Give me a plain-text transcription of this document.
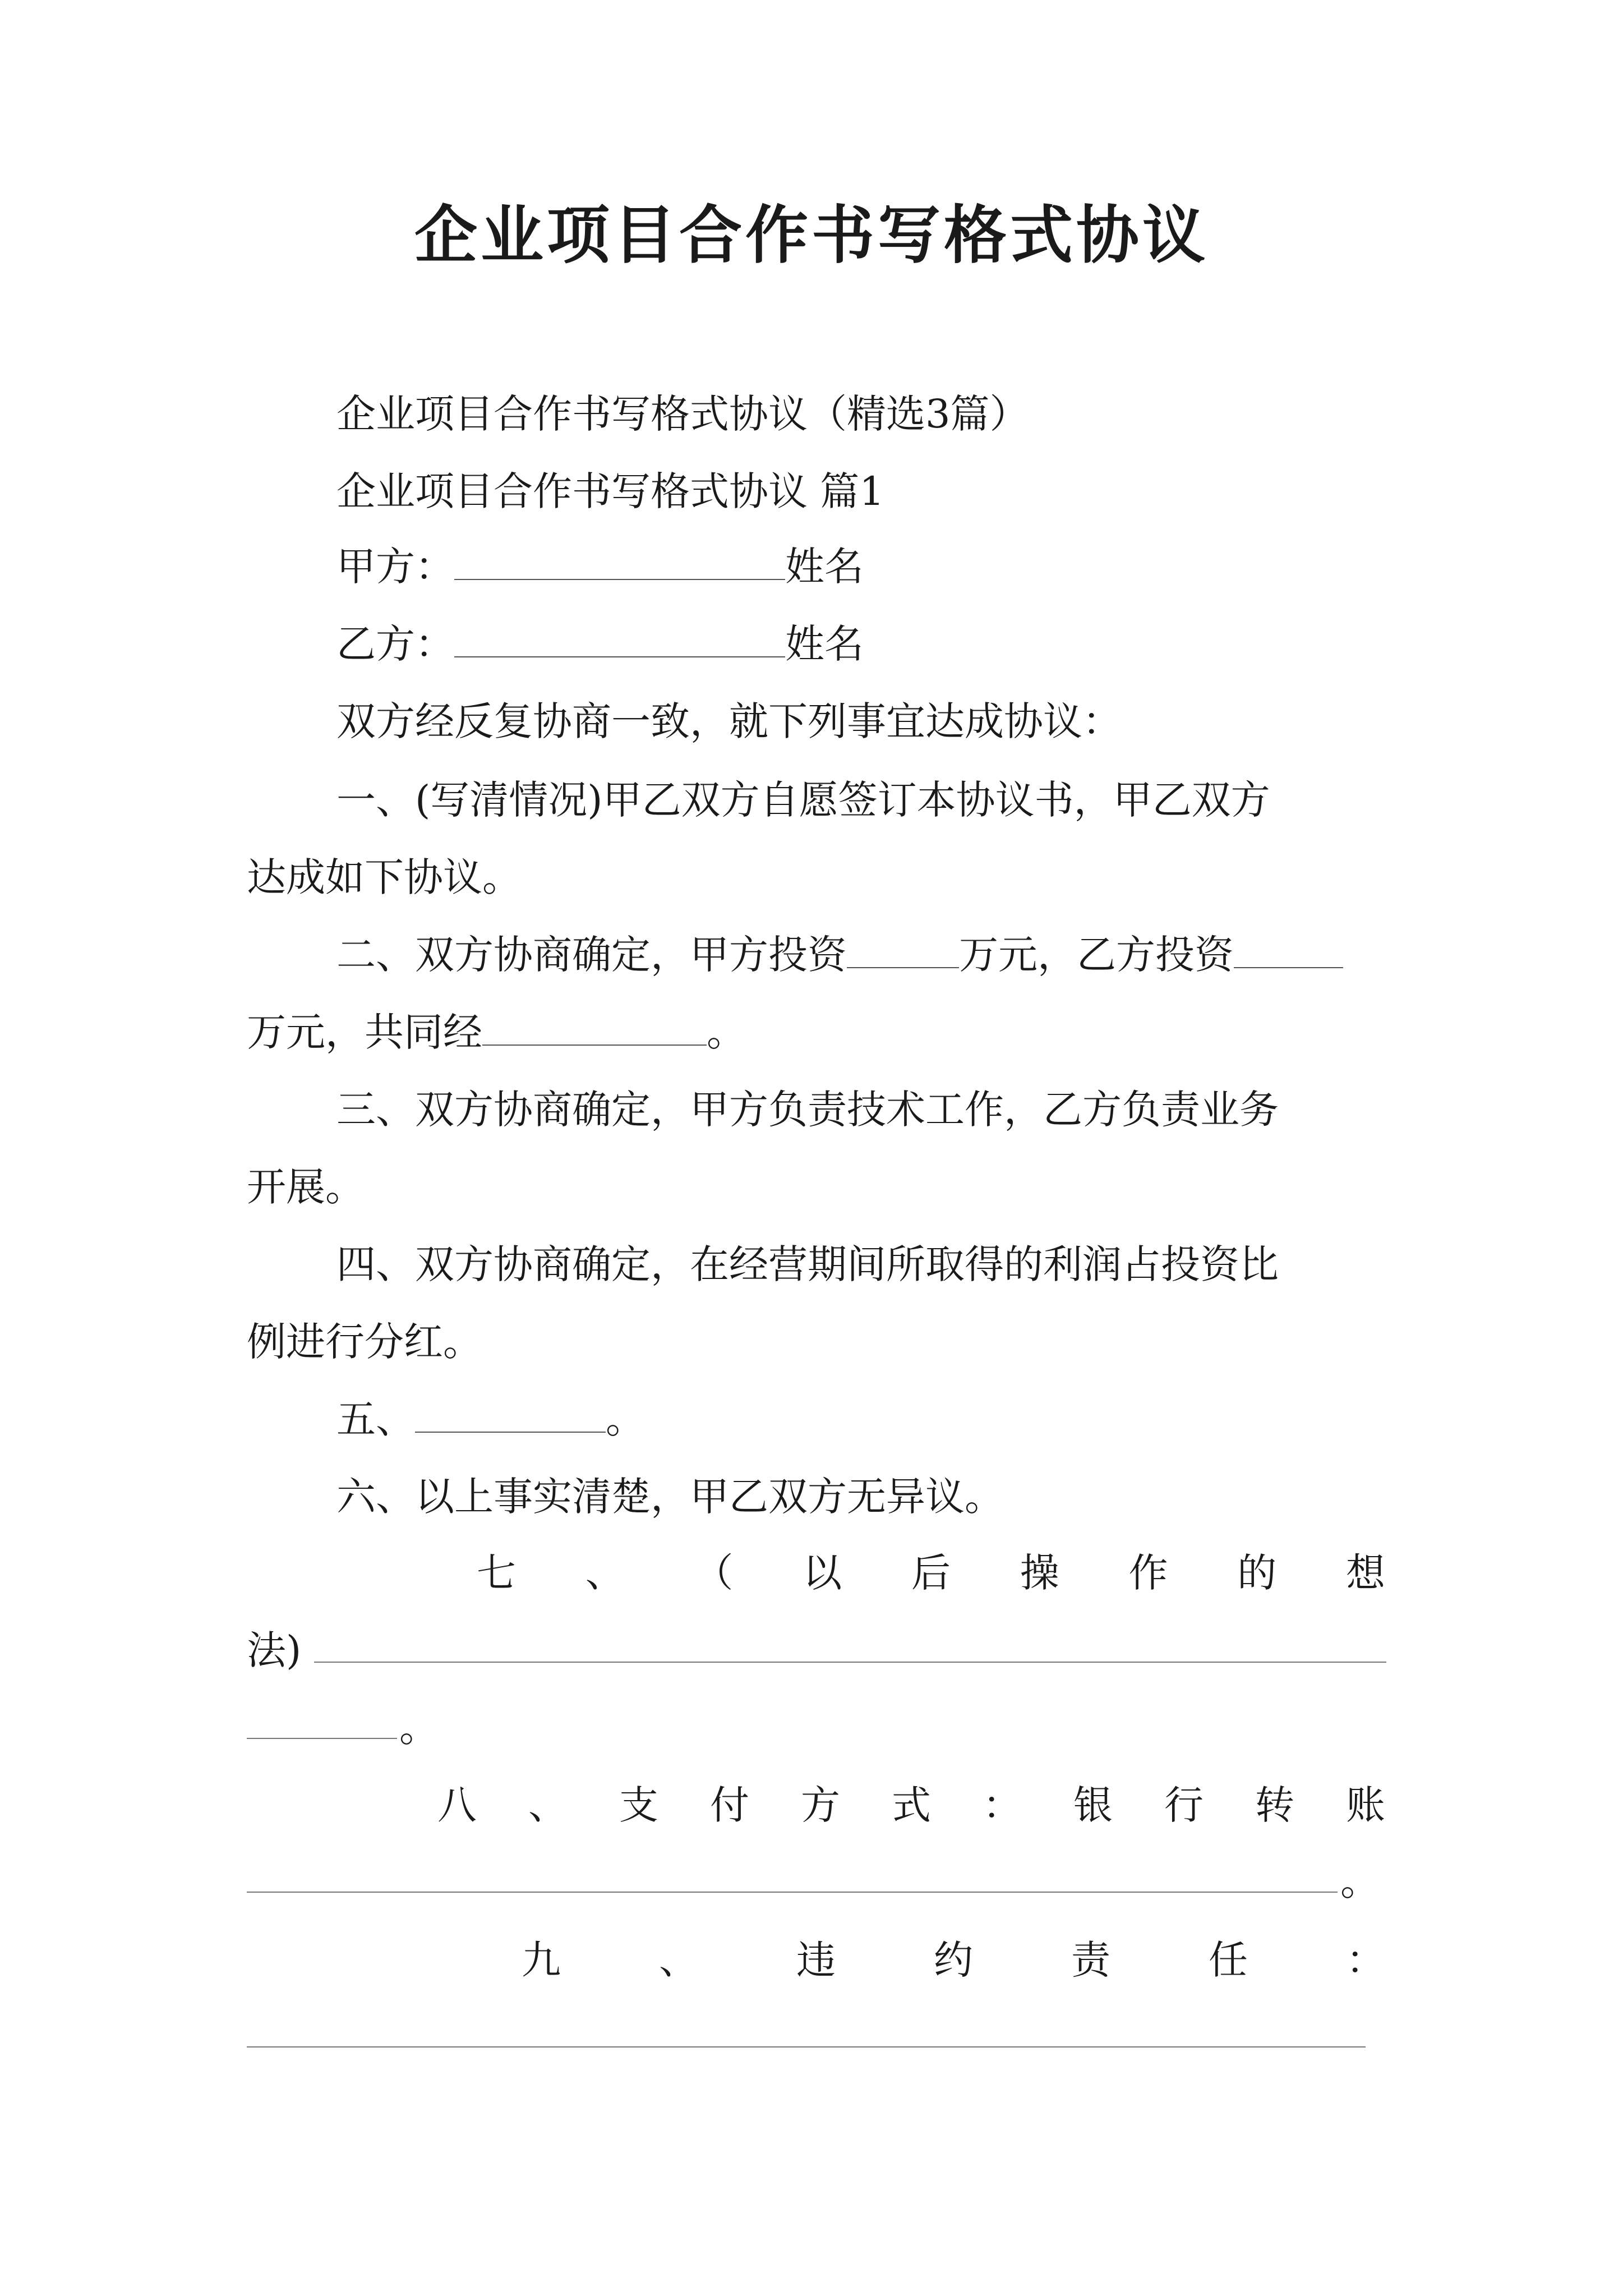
企业项目合作书写格式协议
企业项目合作书写格式协议（精选3篇）
企业项目合作书写格式协议 篇1
甲方：	姓名
乙方：	姓名
双方经反复协商一致，就下列事宜达成协议：
一、(写清情况)甲乙双方自愿签订本协议书，甲乙双方
达成如下协议。
二、双方协商确定，甲方投资	万元，乙方投资
万元，共同经	。
三、双方协商确定，甲方负责技术工作，乙方负责业务
开展。
四、双方协商确定，在经营期间所取得的利润占投资比
例进行分红。
五、	。
六、以上事实清楚，甲乙双方无异议。
七 、 （ 以 后 操 作 的 想
法)
。
八 、 支 付 方 式 ： 银 行 转 账
。
九	、	违	约	责	任	：
